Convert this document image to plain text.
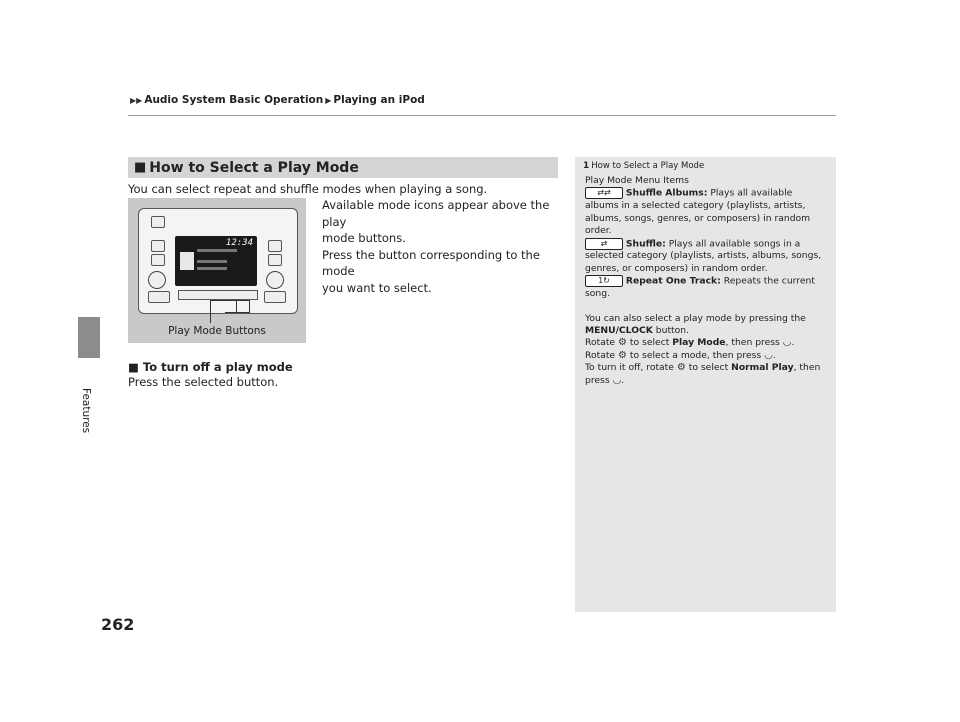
▶▶ Audio System Basic Operation ▶ Playing an iPod
Features
262
■ How to Select a Play Mode
You can select repeat and shuffle modes when playing a song.
12:34
Play Mode Buttons
Available mode icons appear above the play
mode buttons.
Press the button corresponding to the mode
you want to select.
■ To turn off a play mode
Press the selected button.
1 How to Select a Play Mode

Play Mode Menu Items

⇄⇄ Shuffle Albums: Plays all available albums in a selected category (playlists, artists, albums, songs, genres, or composers) in random order.

⇄ Shuffle: Plays all available songs in a selected category (playlists, artists, albums, songs, genres, or composers) in random order.

1↻ Repeat One Track: Repeats the current song.

You can also select a play mode by pressing the MENU/CLOCK button.

Rotate ⚙ to select Play Mode, then press ◡.

Rotate ⚙ to select a mode, then press ◡.

To turn it off, rotate ⚙ to select Normal Play, then press ◡.
